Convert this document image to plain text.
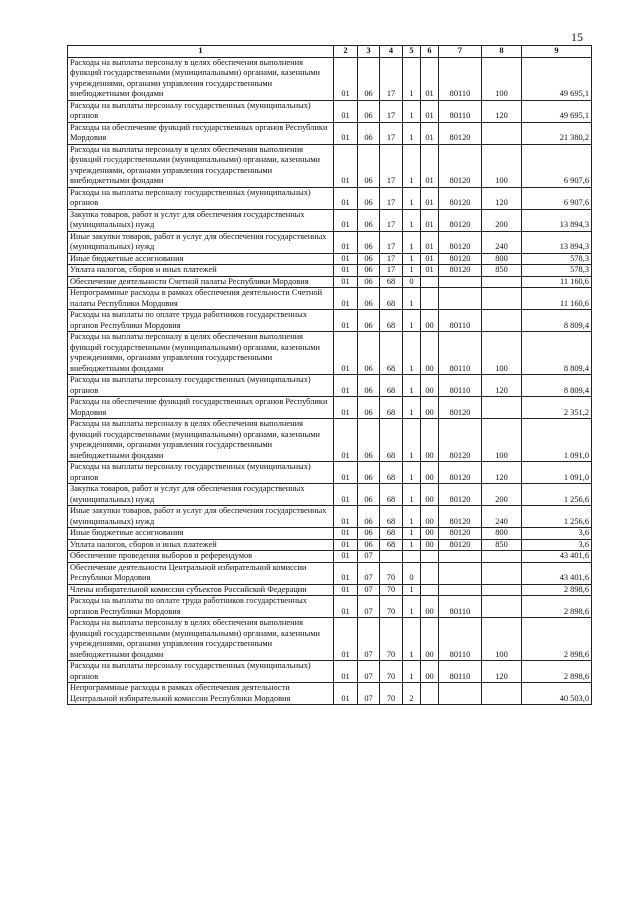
15
1	2	3	4	5	6	7	8	9
Расходы на выплаты персоналу в целях обеспечения выполнения функций государственными (муниципальными) органами, казенными учреждениями, органами управления государственными внебюджетными фондами	01	06	17	1	01	80110	100	49 695,1
Расходы на выплаты персоналу государственных (муниципальных) органов	01	06	17	1	01	80110	120	49 695,1
Расходы на обеспечение функций государственных органов Республики Мордовия	01	06	17	1	01	80120		21 380,2
Расходы на выплаты персоналу в целях обеспечения выполнения функций государственными (муниципальными) органами, казенными учреждениями, органами управления государственными внебюджетными фондами	01	06	17	1	01	80120	100	6 907,6
Расходы на выплаты персоналу государственных (муниципальных) органов	01	06	17	1	01	80120	120	6 907,6
Закупка товаров, работ и услуг для обеспечения государственных (муниципальных) нужд	01	06	17	1	01	80120	200	13 894,3
Иные закупки товаров, работ и услуг для обеспечения государственных (муниципальных) нужд	01	06	17	1	01	80120	240	13 894,3
Иные бюджетные ассигнования	01	06	17	1	01	80120	800	578,3
Уплата налогов, сборов и иных платежей	01	06	17	1	01	80120	850	578,3
Обеспечение деятельности Счетной палаты Республики Мордовия	01	06	68	0				11 160,6
Непрограммные расходы в рамках обеспечения деятельности Счетной палаты Республики Мордовия	01	06	68	1				11 160,6
Расходы на выплаты по оплате труда работников государственных органов Республики Мордовия	01	06	68	1	00	80110		8 809,4
Расходы на выплаты персоналу в целях обеспечения выполнения функций государственными (муниципальными) органами, казенными учреждениями, органами управления государственными внебюджетными фондами	01	06	68	1	00	80110	100	8 809,4
Расходы на выплаты персоналу государственных (муниципальных) органов	01	06	68	1	00	80110	120	8 809,4
Расходы на обеспечение функций государственных органов Республики Мордовия	01	06	68	1	00	80120		2 351,2
Расходы на выплаты персоналу в целях обеспечения выполнения функций государственными (муниципальными) органами, казенными учреждениями, органами управления государственными внебюджетными фондами	01	06	68	1	00	80120	100	1 091,0
Расходы на выплаты персоналу государственных (муниципальных) органов	01	06	68	1	00	80120	120	1 091,0
Закупка товаров, работ и услуг для обеспечения государственных (муниципальных) нужд	01	06	68	1	00	80120	200	1 256,6
Иные закупки товаров, работ и услуг для обеспечения государственных (муниципальных) нужд	01	06	68	1	00	80120	240	1 256,6
Иные бюджетные ассигнования	01	06	68	1	00	80120	800	3,6
Уплата налогов, сборов и иных платежей	01	06	68	1	00	80120	850	3,6
Обеспечение проведения выборов и референдумов	01	07						43 401,6
Обеспечение деятельности Центральной избирательной комиссии Республики Мордовия	01	07	70	0				43 401,6
Члены избирательной комиссии субъектов Российской Федерации	01	07	70	1				2 898,6
Расходы на выплаты по оплате труда работников государственных органов Республики Мордовия	01	07	70	1	00	80110		2 898,6
Расходы на выплаты персоналу в целях обеспечения выполнения функций государственными (муниципальными) органами, казенными учреждениями, органами управления государственными внебюджетными фондами	01	07	70	1	00	80110	100	2 898,6
Расходы на выплаты персоналу государственных (муниципальных) органов	01	07	70	1	00	80110	120	2 898,6
Непрограммные расходы в рамках обеспечения деятельности Центральной избирательной комиссии Республики Мордовия	01	07	70	2				40 503,0
